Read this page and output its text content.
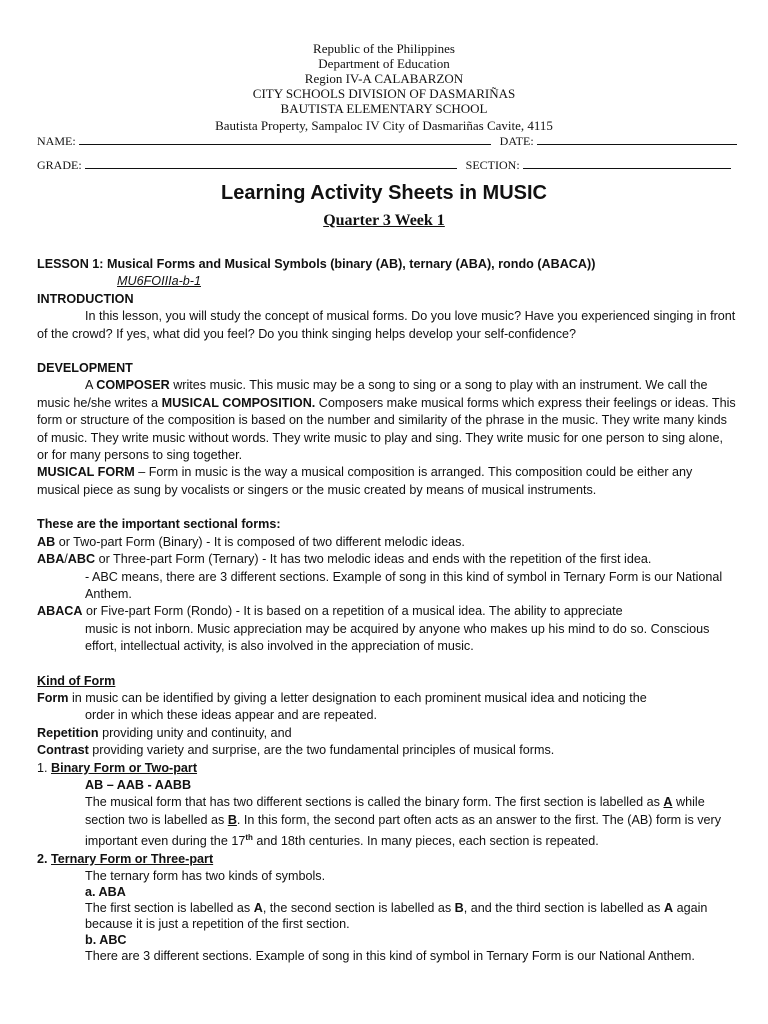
Republic of the Philippines
Department of Education
Region IV-A CALABARZON
CITY SCHOOLS DIVISION OF DASMARIÑAS
BAUTISTA ELEMENTARY SCHOOL
Bautista Property, Sampaloc IV City of Dasmariñas Cavite, 4115
NAME:	DATE:
GRADE:	SECTION:
Learning Activity Sheets in MUSIC
Quarter 3 Week 1

LESSON 1: Musical Forms and Musical Symbols (binary (AB), ternary (ABA), rondo (ABACA))

MU6FOIIIa-b-1

INTRODUCTION

In this lesson, you will study the concept of musical forms. Do you love music? Have you experienced singing in front of the crowd? If yes, what did you feel? Do you think singing helps develop your self-confidence?

DEVELOPMENT

A COMPOSER writes music. This music may be a song to sing or a song to play with an instrument. We call the music he/she writes a MUSICAL COMPOSITION. Composers make musical forms which express their feelings or ideas. This form or structure of the composition is based on the number and similarity of the phrase in the music. They write many kinds of music. They write music without words. They write music to play and sing. They write music for one person to sing alone, or for many persons to sing together.

MUSICAL FORM – Form in music is the way a musical composition is arranged. This composition could be either any musical piece as sung by vocalists or singers or the music created by means of musical instruments.

These are the important sectional forms:

AB or Two-part Form (Binary) - It is composed of two different melodic ideas.

ABA/ABC or Three-part Form (Ternary) - It has two melodic ideas and ends with the repetition of the first idea.

- ABC means, there are 3 different sections. Example of song in this kind of symbol in Ternary Form is our National Anthem.

ABACA or Five-part Form (Rondo) - It is based on a repetition of a musical idea. The ability to appreciate

music is not inborn. Music appreciation may be acquired by anyone who makes up his mind to do so. Conscious effort, intellectual activity, is also involved in the appreciation of music.

Kind of Form

Form in music can be identified by giving a letter designation to each prominent musical idea and noticing the

order in which these ideas appear and are repeated.

Repetition providing unity and continuity, and

Contrast providing variety and surprise, are the two fundamental principles of musical forms.

1. Binary Form or Two-part

AB – AAB - AABB

The musical form that has two different sections is called the binary form. The first section is labelled as A while section two is labelled as B. In this form, the second part often acts as an answer to the first. The (AB) form is very important even during the 17th and 18th centuries. In many pieces, each section is repeated.

2. Ternary Form or Three-part

The ternary form has two kinds of symbols.

a. ABA

The first section is labelled as A, the second section is labelled as B, and the third section is labelled as A again because it is just a repetition of the first section.

b. ABC

There are 3 different sections. Example of song in this kind of symbol in Ternary Form is our National Anthem.
